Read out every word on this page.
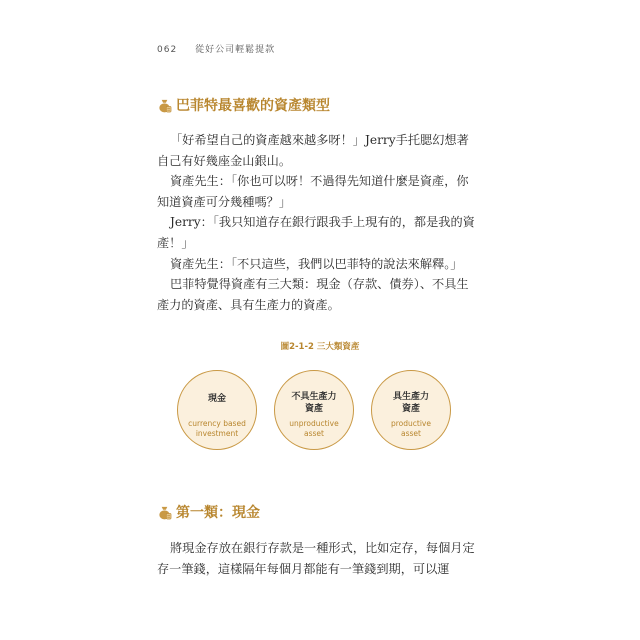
062 從好公司輕鬆提款
巴菲特最喜歡的資產類型

「好希望自己的資產越來越多呀！」Jerry手托腮幻想著自己有好幾座金山銀山。

資產先生：「你也可以呀！不過得先知道什麼是資產，你知道資產可分幾種嗎？」

Jerry：「我只知道存在銀行跟我手上現有的，都是我的資產！」

資產先生：「不只這些，我們以巴菲特的說法來解釋。」

巴菲特覺得資產有三大類：現金（存款、債券）、不具生產力的資產、具有生產力的資產。

圖2-1-2 三大類資產
現金
currency based
investment
不具生產力
資產
unproductive
asset
具生產力
資產
productive
asset
第一類：現金

將現金存放在銀行存款是一種形式，比如定存，每個月定存一筆錢，這樣隔年每個月都能有一筆錢到期，可以運
